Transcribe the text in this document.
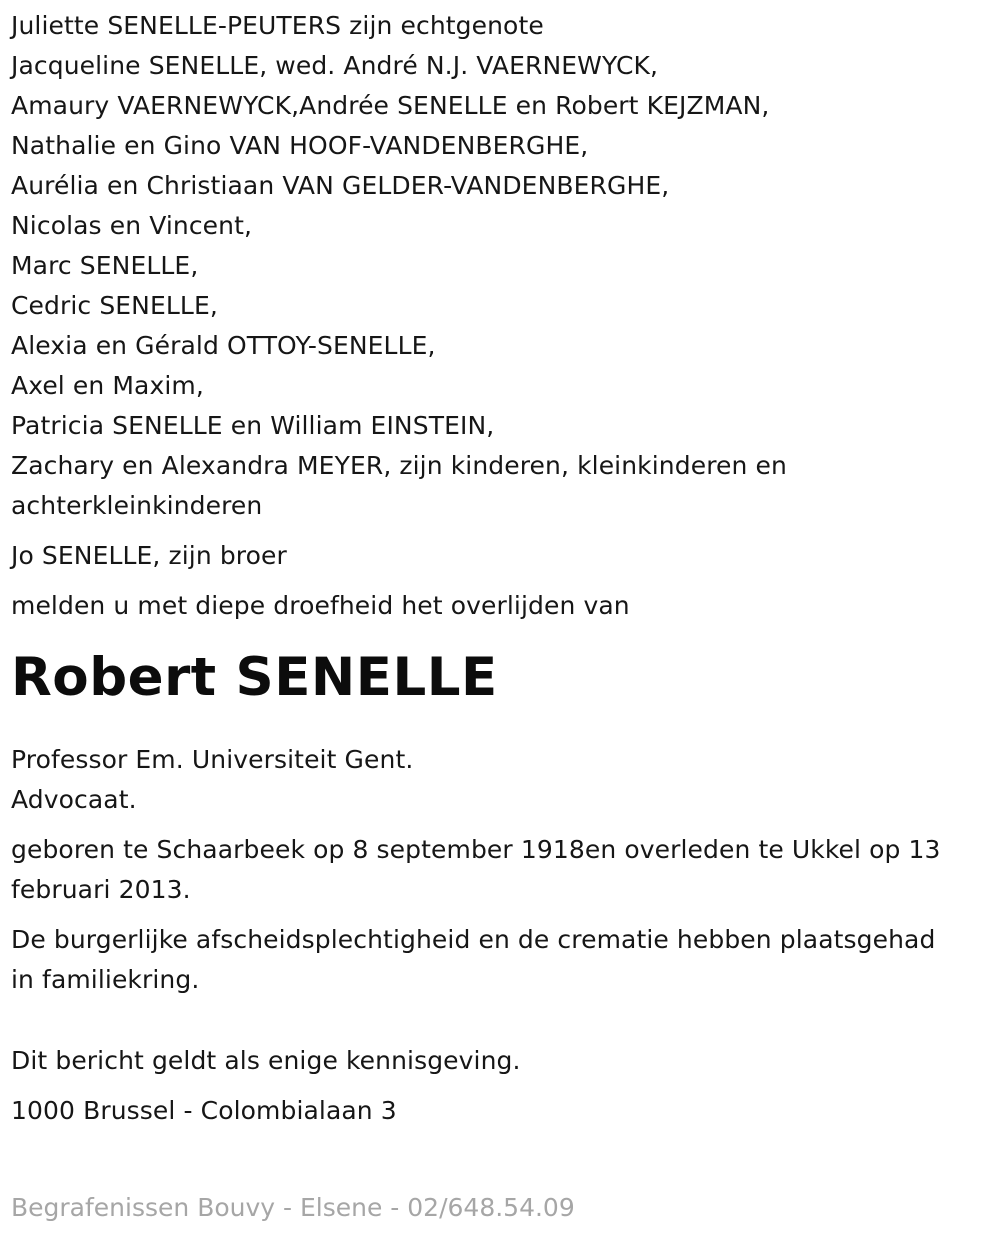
Juliette SENELLE-PEUTERS zijn echtgenote
Jacqueline SENELLE, wed. André N.J. VAERNEWYCK,
Amaury VAERNEWYCK,Andrée SENELLE en Robert KEJZMAN,
Nathalie en Gino VAN HOOF-VANDENBERGHE,
Aurélia en Christiaan VAN GELDER-VANDENBERGHE,
Nicolas en Vincent,
Marc SENELLE,
Cedric SENELLE,
Alexia en Gérald OTTOY-SENELLE,
Axel en Maxim,
Patricia SENELLE en William EINSTEIN,
Zachary en Alexandra MEYER, zijn kinderen, kleinkinderen en
achterkleinkinderen
Jo SENELLE, zijn broer
melden u met diepe droefheid het overlijden van
Robert SENELLE
Professor Em. Universiteit Gent.
Advocaat.
geboren te Schaarbeek op 8 september 1918en overleden te Ukkel op 13
februari 2013.
De burgerlijke afscheidsplechtigheid en de crematie hebben plaatsgehad
in familiekring.
Dit bericht geldt als enige kennisgeving.
1000 Brussel - Colombialaan 3
Begrafenissen Bouvy - Elsene - 02/648.54.09
